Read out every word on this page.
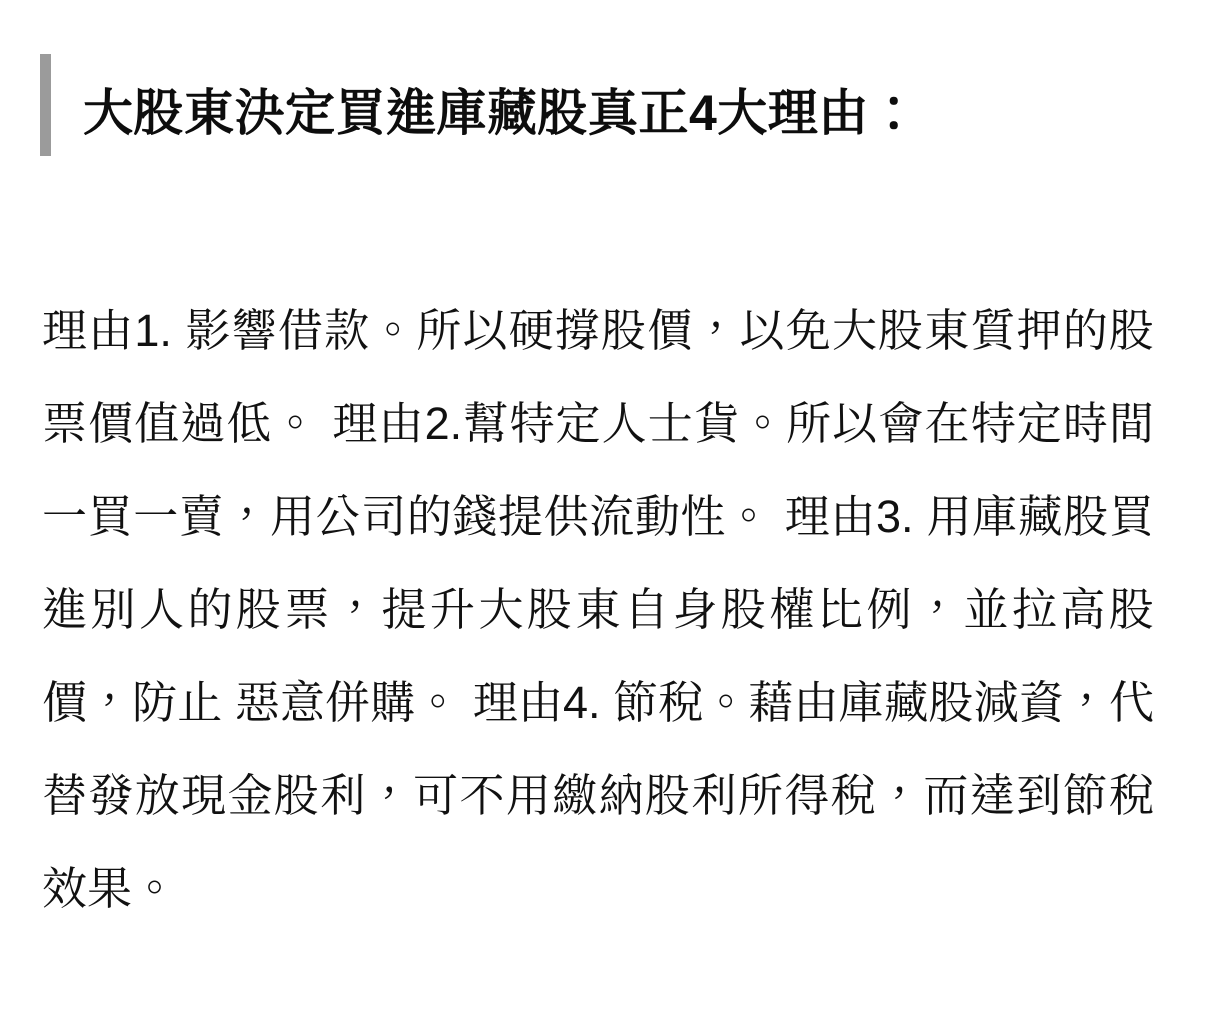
大股東決定買進庫藏股真正4大理由：

理由1. 影響借款。所以硬撐股價，以免大股東質押的股票價值過低。 理由2.幫特定人士貨。所以會在特定時間一買一賣，用公司的錢提供流動性。 理由3. 用庫藏股買進別人的股票，提升大股東自身股權比例，並拉高股價，防止 惡意併購。 理由4. 節稅。藉由庫藏股減資，代替發放現金股利，可不用繳納股利所得稅，而達到節稅效果。
